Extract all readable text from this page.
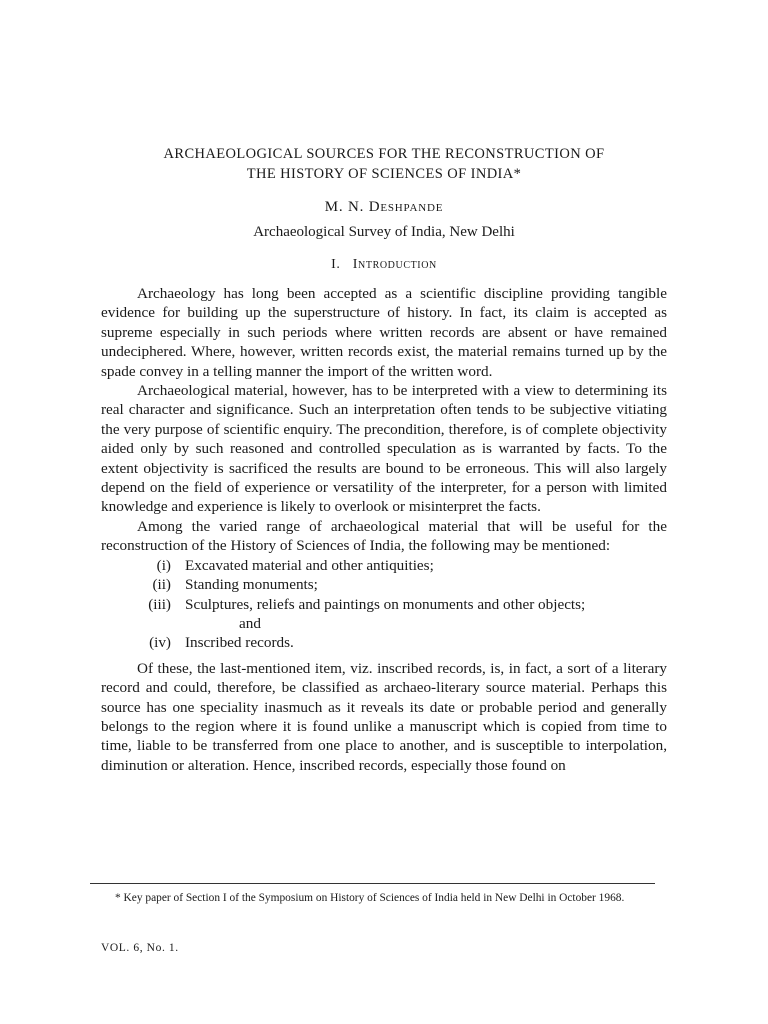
ARCHAEOLOGICAL SOURCES FOR THE RECONSTRUCTION OF
THE HISTORY OF SCIENCES OF INDIA*
M. N. Deshpande
Archaeological Survey of India, New Delhi
I. Introduction

Archaeology has long been accepted as a scientific discipline providing tangible evidence for building up the superstructure of history. In fact, its claim is accepted as supreme especially in such periods where written records are absent or have remained undeciphered. Where, however, written records exist, the material remains turned up by the spade convey in a telling manner the import of the written word.

Archaeological material, however, has to be interpreted with a view to determining its real character and significance. Such an interpretation often tends to be subjective vitiating the very purpose of scientific enquiry. The precondition, therefore, is of complete objectivity aided only by such reasoned and controlled speculation as is warranted by facts. To the extent objectivity is sacrificed the results are bound to be erroneous. This will also largely depend on the field of experience or versatility of the interpreter, for a person with limited knowledge and experience is likely to overlook or misinterpret the facts.

Among the varied range of archaeological material that will be useful for the reconstruction of the History of Sciences of India, the following may be mentioned:

(i) Excavated material and other antiquities;
(ii) Standing monuments;
(iii) Sculptures, reliefs and paintings on monuments and other objects;
and
(iv) Inscribed records.

Of these, the last-mentioned item, viz. inscribed records, is, in fact, a sort of a literary record and could, therefore, be classified as archaeo-literary source material. Perhaps this source has one speciality inasmuch as it reveals its date or probable period and generally belongs to the region where it is found unlike a manuscript which is copied from time to time, liable to be transferred from one place to another, and is susceptible to interpolation, diminution or alteration. Hence, inscribed records, especially those found on

* Key paper of Section I of the Symposium on History of Sciences of India held in New Delhi in October 1968.

VOL. 6, No. 1.
